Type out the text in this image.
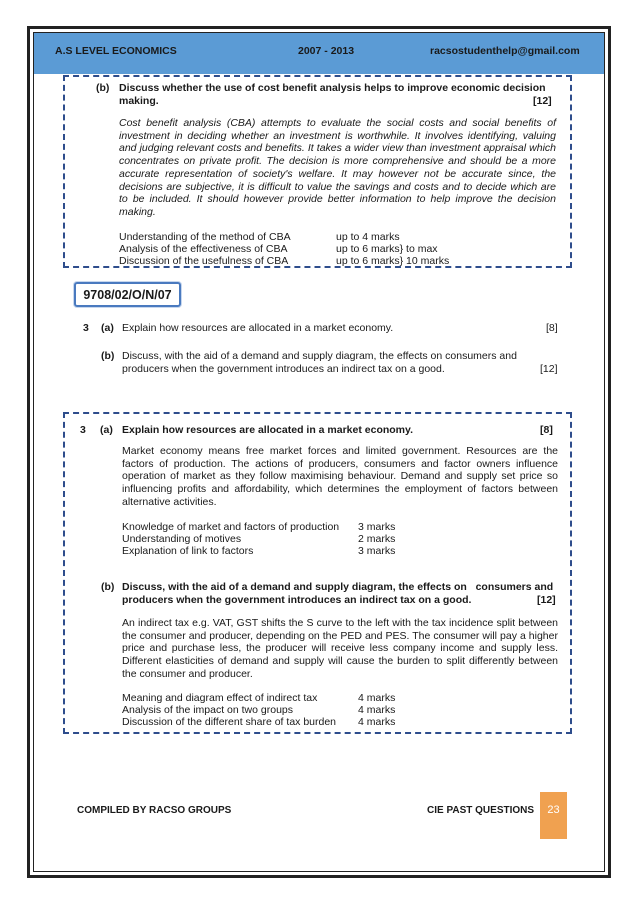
A.S LEVEL ECONOMICS	2007 - 2013	racsostudenthelp@gmail.com
(b) Discuss whether the use of cost benefit analysis helps to improve economic decision
making.	[12]
Cost benefit analysis (CBA) attempts to evaluate the social costs and social benefits of investment in deciding whether an investment is worthwhile. It involves identifying, valuing and judging relevant costs and benefits. It takes a wider view than investment appraisal which concentrates on private profit. The decision is more comprehensive and should be a more accurate representation of society's welfare. It may however not be accurate since, the decisions are subjective, it is difficult to value the savings and costs and to decide which are to be included. It should however provide better information to help improve the decision making.
Understanding of the method of CBA	up to 4 marks
Analysis of the effectiveness of CBA	up to 6 marks} to max
Discussion of the usefulness of CBA	up to 6 marks} 10 marks
9708/02/O/N/07
3 (a) Explain how resources are allocated in a market economy.	[8]
(b) Discuss, with the aid of a demand and supply diagram, the effects on consumers and
producers when the government introduces an indirect tax on a good.	[12]
3 (a) Explain how resources are allocated in a market economy.	[8]
Market economy means free market forces and limited government. Resources are the factors of production. The actions of producers, consumers and factor owners influence operation of market as they follow maximising behaviour. Demand and supply set price so influencing profits and affordability, which determines the employment of factors between alternative activities.
Knowledge of market and factors of production 3 marks
Understanding of motives	2 marks
Explanation of link to factors	3 marks
(b) Discuss, with the aid of a demand and supply diagram, the effects on   consumers and
producers when the government introduces an indirect tax on a good.	[12]
An indirect tax e.g. VAT, GST shifts the S curve to the left with the tax incidence split between the consumer and producer, depending on the PED and PES. The consumer will pay a higher price and purchase less, the producer will receive less company income and supply less. Different elasticities of demand and supply will cause the burden to split differently between the consumer and producer.
Meaning and diagram effect of indirect tax	4 marks
Analysis of the impact on two groups	4 marks
Discussion of the different share of tax burden 4 marks
COMPILED BY RACSO GROUPS	CIE PAST QUESTIONS	23
